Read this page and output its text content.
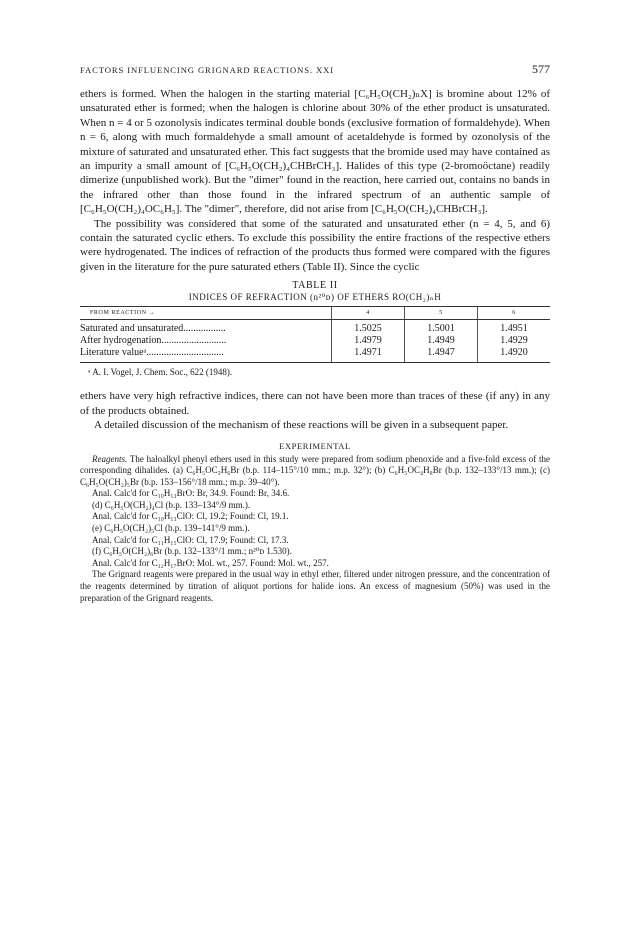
FACTORS INFLUENCING GRIGNARD REACTIONS. XXI	577

ethers is formed. When the halogen in the starting material [C₆H₅O(CH₂)ₙX] is bromine about 12% of unsaturated ether is formed; when the halogen is chlorine about 30% of the ether product is unsaturated. When n = 4 or 5 ozonolysis indicates terminal double bonds (exclusive formation of formaldehyde). When n = 6, along with much formaldehyde a small amount of acetaldehyde is formed by ozonolysis of the mixture of saturated and unsaturated ether. This fact suggests that the bromide used may have contained as an impurity a small amount of [C₆H₅O(CH₂)₄CHBrCH₃]. Halides of this type (2-bromoöctane) readily dimerize (unpublished work). But the "dimer" found in the reaction, here carried out, contains no bands in the infrared other than those found in the infrared spectrum of an authentic sample of [C₆H₅O(CH₂)₄OC₆H₅]. The "dimer", therefore, did not arise from [C₆H₅O(CH₂)₄CHBrCH₃].

The possibility was considered that some of the saturated and unsaturated ether (n = 4, 5, and 6) contain the saturated cyclic ethers. To exclude this possibility the entire fractions of the respective ethers were hydrogenated. The indices of refraction of the products thus formed were compared with the figures given in the literature for the pure saturated ethers (Table II). Since the cyclic

TABLE II
INDICES OF REFRACTION (n²⁰ᴅ) OF ETHERS RO(CH₂)ₙH
FROM REACTION →	4	5	6
Saturated and unsaturated.................	1.5025	1.5001	1.4951
After hydrogenation..........................	1.4979	1.4949	1.4929
Literature valueᵃ...............................	1.4971	1.4947	1.4920
ᵃ A. I. Vogel, J. Chem. Soc., 622 (1948).

ethers have very high refractive indices, there can not have been more than traces of these (if any) in any of the products obtained.

A detailed discussion of the mechanism of these reactions will be given in a subsequent paper.

EXPERIMENTAL

Reagents. The haloalkyl phenyl ethers used in this study were prepared from sodium phenoxide and a five-fold excess of the corresponding dihalides. (a) C₆H₅OC₃H₆Br (b.p. 114–115°/10 mm.; m.p. 32°); (b) C₆H₅OC₄H₈Br (b.p. 132–133°/13 mm.); (c) C₆H₅O(CH₂)₅Br (b.p. 153–156°/18 mm.; m.p. 39–40°).

Anal. Calc'd for C₁₀H₁₃BrO: Br, 34.9. Found: Br, 34.6.

(d) C₆H₅O(CH₂)₄Cl (b.p. 133–134°/9 mm.).

Anal. Calc'd for C₁₀H₁₃ClO: Cl, 19.2; Found: Cl, 19.1.

(e) C₆H₅O(CH₂)₅Cl (b.p. 139–141°/9 mm.).

Anal. Calc'd for C₁₁H₁₅ClO: Cl, 17.9; Found: Cl, 17.3.

(f) C₆H₅O(CH₂)₆Br (b.p. 132–133°/1 mm.; n²⁰ᴅ 1.530).

Anal. Calc'd for C₁₂H₁₇BrO: Mol. wt., 257. Found: Mol. wt., 257.

The Grignard reagents were prepared in the usual way in ethyl ether, filtered under nitrogen pressure, and the concentration of the reagents determined by titration of aliquot portions for halide ions. An excess of magnesium (50%) was used in the preparation of the Grignard reagents.
